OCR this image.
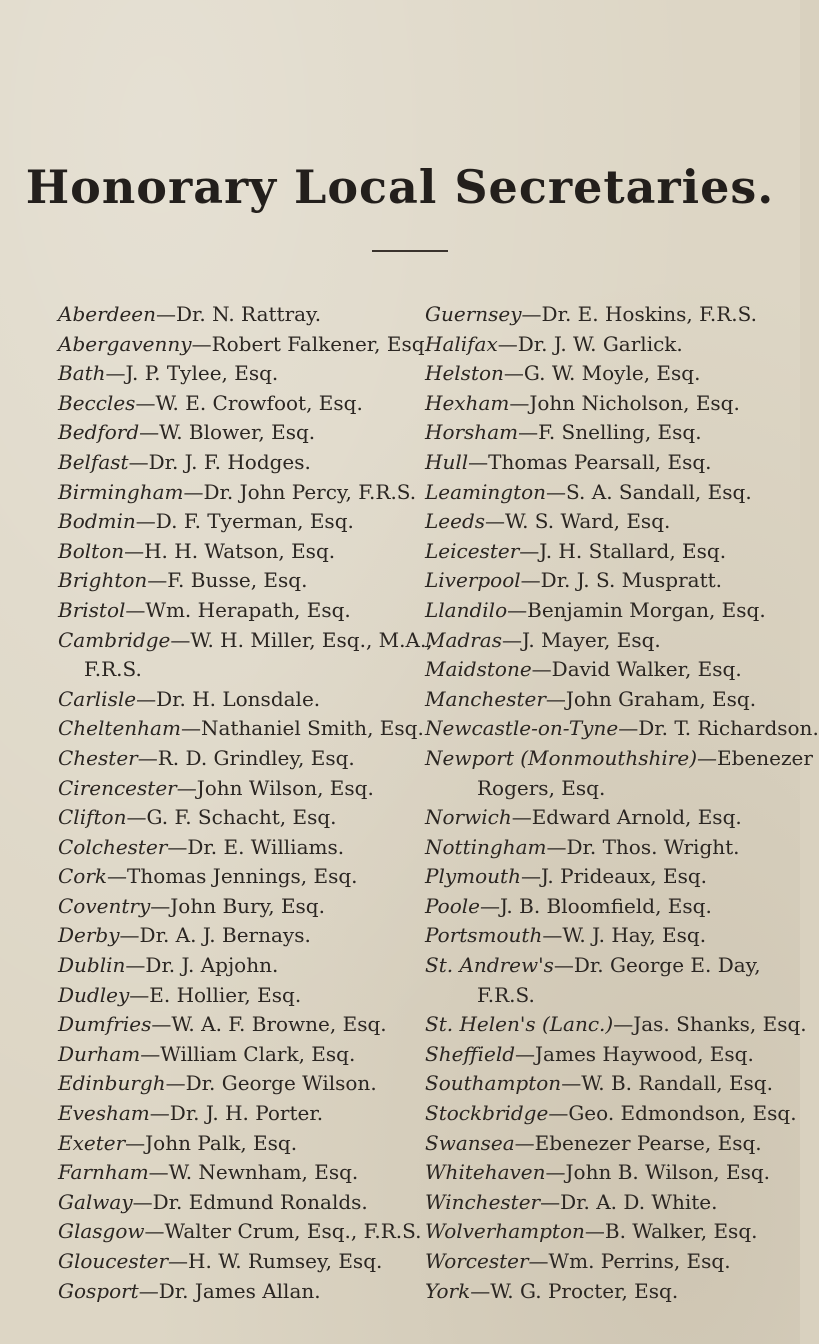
Honorary Local Secretaries.
Aberdeen—Dr. N. Rattray.
Abergavenny—Robert Falkener, Esq.
Bath—J. P. Tylee, Esq.
Beccles—W. E. Crowfoot, Esq.
Bedford—W. Blower, Esq.
Belfast—Dr. J. F. Hodges.
Birmingham—Dr. John Percy, F.R.S.
Bodmin—D. F. Tyerman, Esq.
Bolton—H. H. Watson, Esq.
Brighton—F. Busse, Esq.
Bristol—Wm. Herapath, Esq.
Cambridge—W. H. Miller, Esq., M.A.,
F.R.S.
Carlisle—Dr. H. Lonsdale.
Cheltenham—Nathaniel Smith, Esq.
Chester—R. D. Grindley, Esq.
Cirencester—John Wilson, Esq.
Clifton—G. F. Schacht, Esq.
Colchester—Dr. E. Williams.
Cork—Thomas Jennings, Esq.
Coventry—John Bury, Esq.
Derby—Dr. A. J. Bernays.
Dublin—Dr. J. Apjohn.
Dudley—E. Hollier, Esq.
Dumfries—W. A. F. Browne, Esq.
Durham—William Clark, Esq.
Edinburgh—Dr. George Wilson.
Evesham—Dr. J. H. Porter.
Exeter—John Palk, Esq.
Farnham—W. Newnham, Esq.
Galway—Dr. Edmund Ronalds.
Glasgow—Walter Crum, Esq., F.R.S.
Gloucester—H. W. Rumsey, Esq.
Gosport—Dr. James Allan.
Guernsey—Dr. E. Hoskins, F.R.S.
Halifax—Dr. J. W. Garlick.
Helston—G. W. Moyle, Esq.
Hexham—John Nicholson, Esq.
Horsham—F. Snelling, Esq.
Hull—Thomas Pearsall, Esq.
Leamington—S. A. Sandall, Esq.
Leeds—W. S. Ward, Esq.
Leicester—J. H. Stallard, Esq.
Liverpool—Dr. J. S. Muspratt.
Llandilo—Benjamin Morgan, Esq.
Madras—J. Mayer, Esq.
Maidstone—David Walker, Esq.
Manchester—John Graham, Esq.
Newcastle-on-Tyne—Dr. T. Richardson.
Newport (Monmouthshire)—Ebenezer
Rogers, Esq.
Norwich—Edward Arnold, Esq.
Nottingham—Dr. Thos. Wright.
Plymouth—J. Prideaux, Esq.
Poole—J. B. Bloomfield, Esq.
Portsmouth—W. J. Hay, Esq.
St. Andrew's—Dr. George E. Day,
F.R.S.
St. Helen's (Lanc.)—Jas. Shanks, Esq.
Sheffield—James Haywood, Esq.
Southampton—W. B. Randall, Esq.
Stockbridge—Geo. Edmondson, Esq.
Swansea—Ebenezer Pearse, Esq.
Whitehaven—John B. Wilson, Esq.
Winchester—Dr. A. D. White.
Wolverhampton—B. Walker, Esq.
Worcester—Wm. Perrins, Esq.
York—W. G. Procter, Esq.
